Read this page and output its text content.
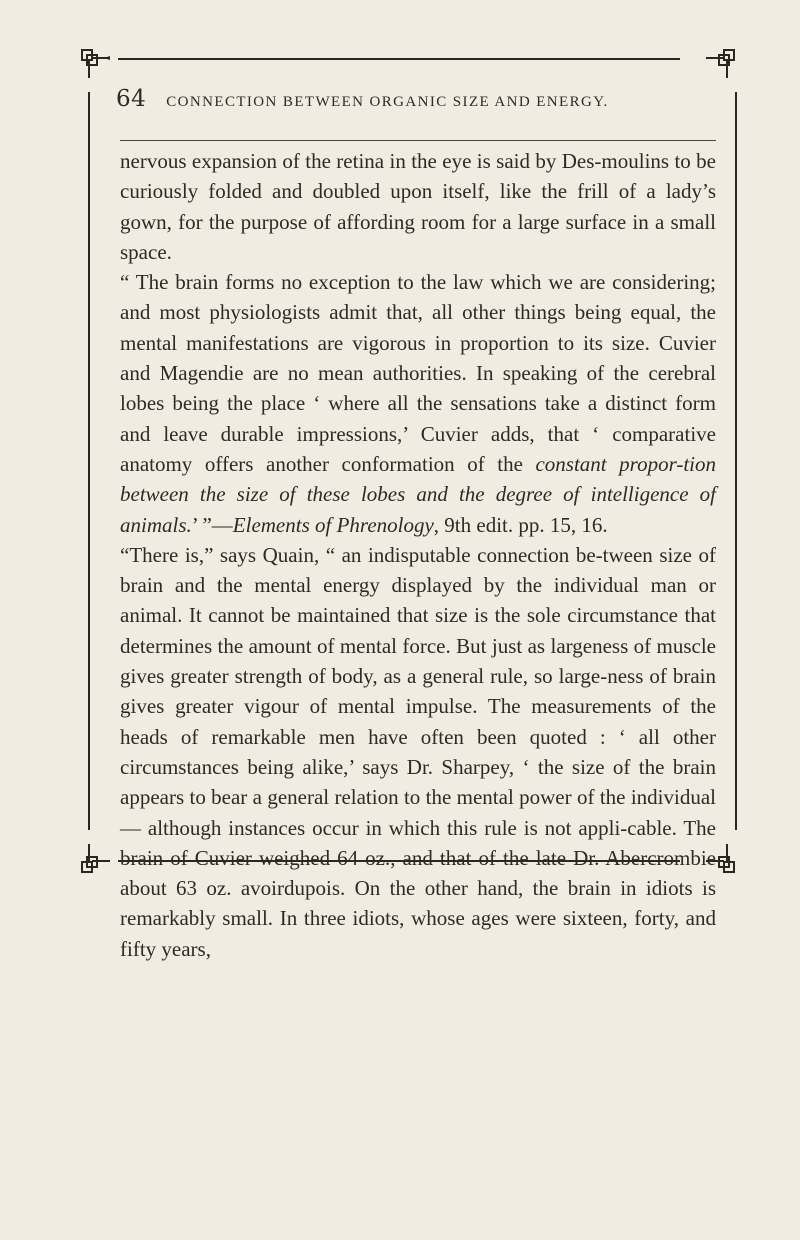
64 CONNECTION BETWEEN ORGANIC SIZE AND ENERGY.

nervous expansion of the retina in the eye is said by Des-moulins to be curiously folded and doubled upon itself, like the frill of a lady’s gown, for the purpose of affording room for a large surface in a small space.

“ The brain forms no exception to the law which we are considering; and most physiologists admit that, all other things being equal, the mental manifestations are vigorous in proportion to its size. Cuvier and Magendie are no mean authorities. In speaking of the cerebral lobes being the place ‘ where all the sensations take a distinct form and leave durable impressions,’ Cuvier adds, that ‘ comparative anatomy offers another conformation of the constant propor-tion between the size of these lobes and the degree of intelligence of animals.’ ”—Elements of Phrenology, 9th edit. pp. 15, 16.

“There is,” says Quain, “ an indisputable connection be-tween size of brain and the mental energy displayed by the individual man or animal. It cannot be maintained that size is the sole circumstance that determines the amount of mental force. But just as largeness of muscle gives greater strength of body, as a general rule, so large-ness of brain gives greater vigour of mental impulse. The measurements of the heads of remarkable men have often been quoted : ‘ all other circumstances being alike,’ says Dr. Sharpey, ‘ the size of the brain appears to bear a general relation to the mental power of the individual— although instances occur in which this rule is not appli-cable. The brain of Cuvier weighed 64 oz., and that of the late Dr. Abercrombie about 63 oz. avoirdupois. On the other hand, the brain in idiots is remarkably small. In three idiots, whose ages were sixteen, forty, and fifty years,
